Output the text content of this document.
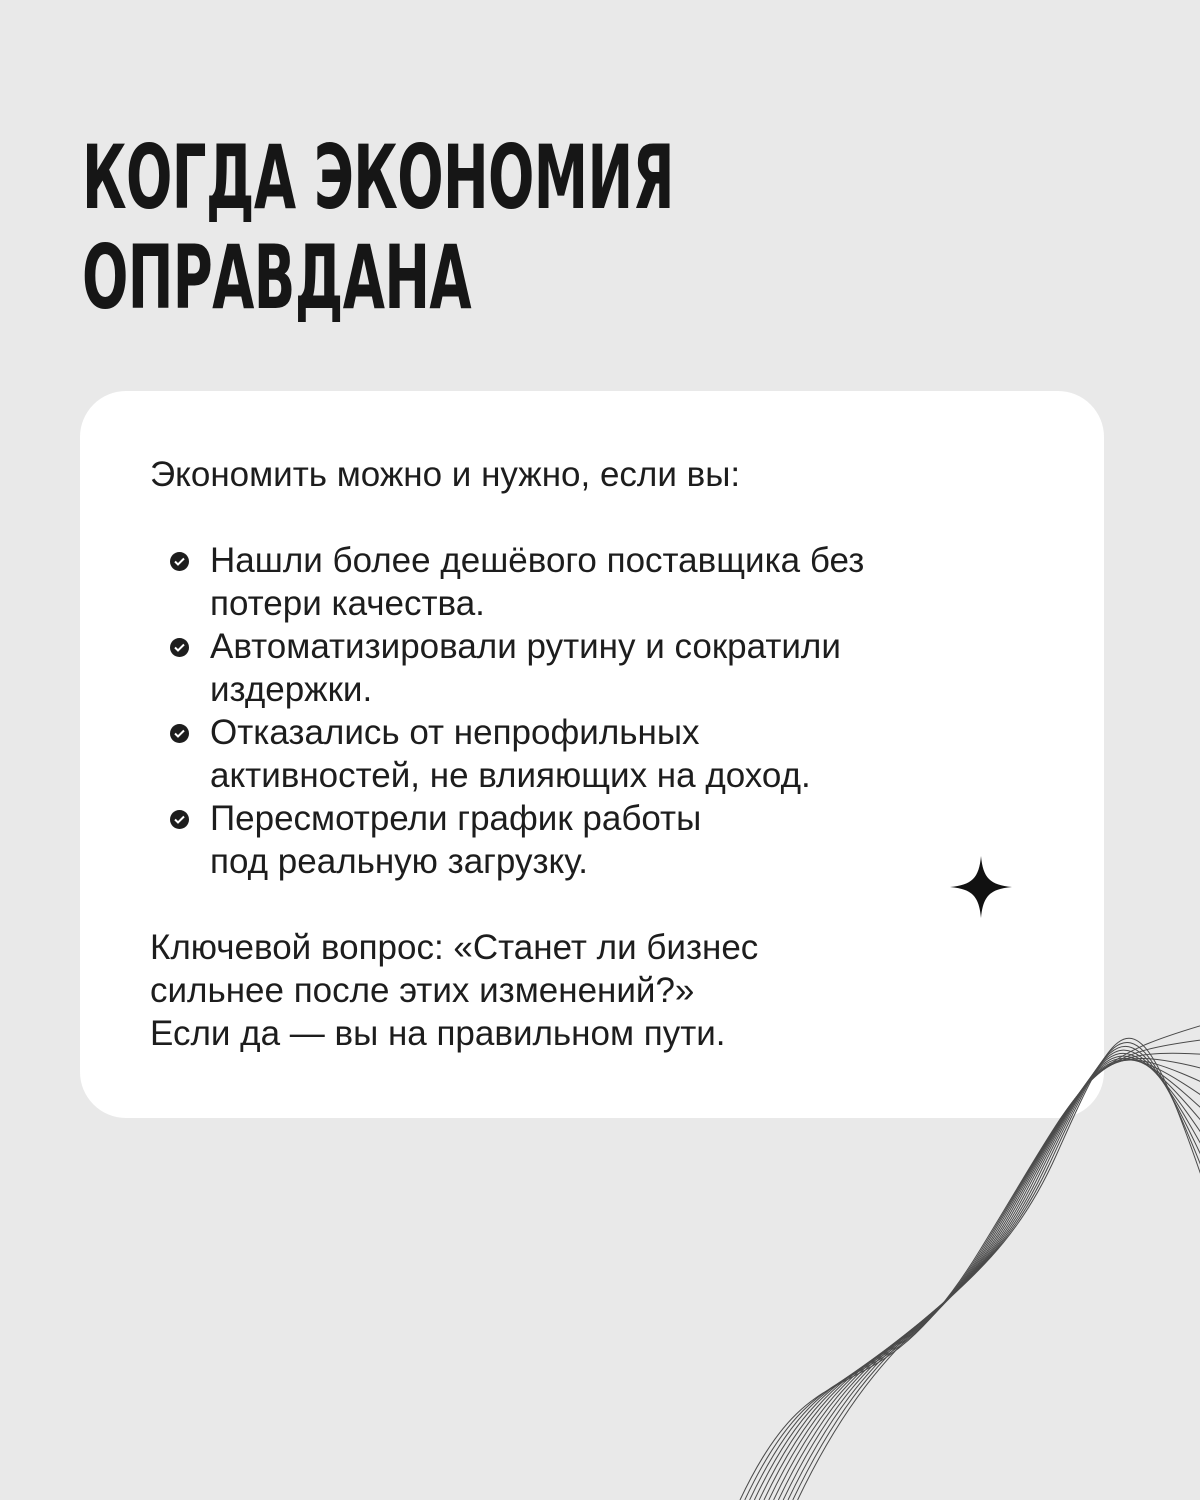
КОГДА ЭКОНОМИЯ
ОПРАВДАНА

Экономить можно и нужно, если вы:

Нашли более дешёвого поставщика без
потери качества.
Автоматизировали рутину и сократили
издержки.
Отказались от непрофильных
активностей, не влияющих на доход.
Пересмотрели график работы
под реальную загрузку.

Ключевой вопрос: «Станет ли бизнес
сильнее после этих изменений?»
Если да — вы на правильном пути.
